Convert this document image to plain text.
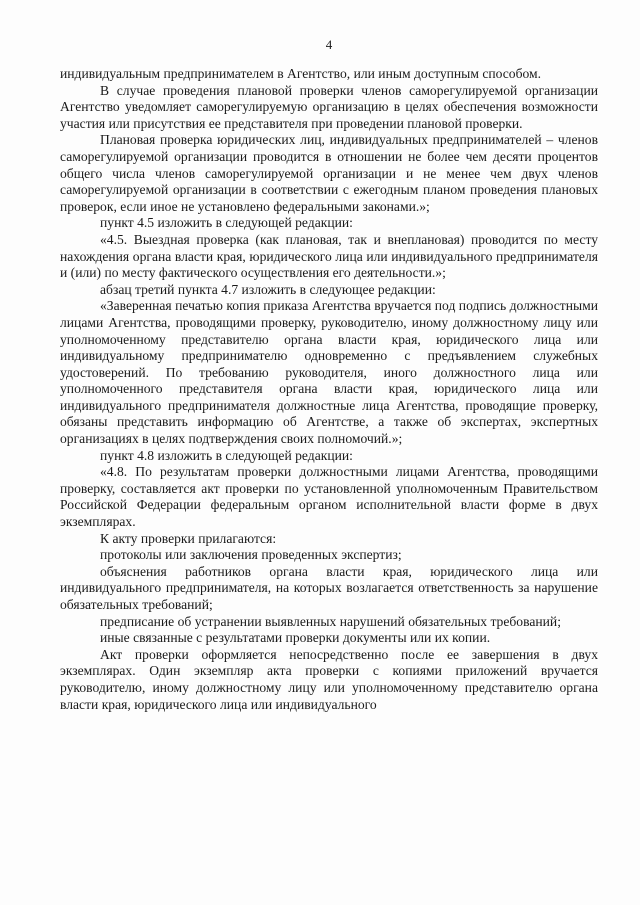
4

индивидуальным предпринимателем в Агентство, или иным доступным способом.

В случае проведения плановой проверки членов саморегулируемой организации Агентство уведомляет саморегулируемую организацию в целях обеспечения возможности участия или присутствия ее представителя при проведении плановой проверки.

Плановая проверка юридических лиц, индивидуальных предпринимателей – членов саморегулируемой организации проводится в отношении не более чем десяти процентов общего числа членов саморегулируемой организации и не менее чем двух членов саморегулируемой организации в соответствии с ежегодным планом проведения плановых проверок, если иное не установлено федеральными законами.»;

пункт 4.5 изложить в следующей редакции:

«4.5. Выездная проверка (как плановая, так и внеплановая) проводится по месту нахождения органа власти края, юридического лица или индивидуального предпринимателя и (или) по месту фактического осуществления его деятельности.»;

абзац третий пункта 4.7 изложить в следующее редакции:

«Заверенная печатью копия приказа Агентства вручается под подпись должностными лицами Агентства, проводящими проверку, руководителю, иному должностному лицу или уполномоченному представителю органа власти края, юридического лица или индивидуальному предпринимателю одновременно с предъявлением служебных удостоверений. По требованию руководителя, иного должностного лица или уполномоченного представителя органа власти края, юридического лица или индивидуального предпринимателя должностные лица Агентства, проводящие проверку, обязаны представить информацию об Агентстве, а также об экспертах, экспертных организациях в целях подтверждения своих полномочий.»;

пункт 4.8 изложить в следующей редакции:

«4.8. По результатам проверки должностными лицами Агентства, проводящими проверку, составляется акт проверки по установленной уполномоченным Правительством Российской Федерации федеральным органом исполнительной власти форме в двух экземплярах.

К акту проверки прилагаются:

протоколы или заключения проведенных экспертиз;

объяснения работников органа власти края, юридического лица или индивидуального предпринимателя, на которых возлагается ответственность за нарушение обязательных требований;

предписание об устранении выявленных нарушений обязательных требований;

иные связанные с результатами проверки документы или их копии.

Акт проверки оформляется непосредственно после ее завершения в двух экземплярах. Один экземпляр акта проверки с копиями приложений вручается руководителю, иному должностному лицу или уполномоченному представителю органа власти края, юридического лица или индивидуального
